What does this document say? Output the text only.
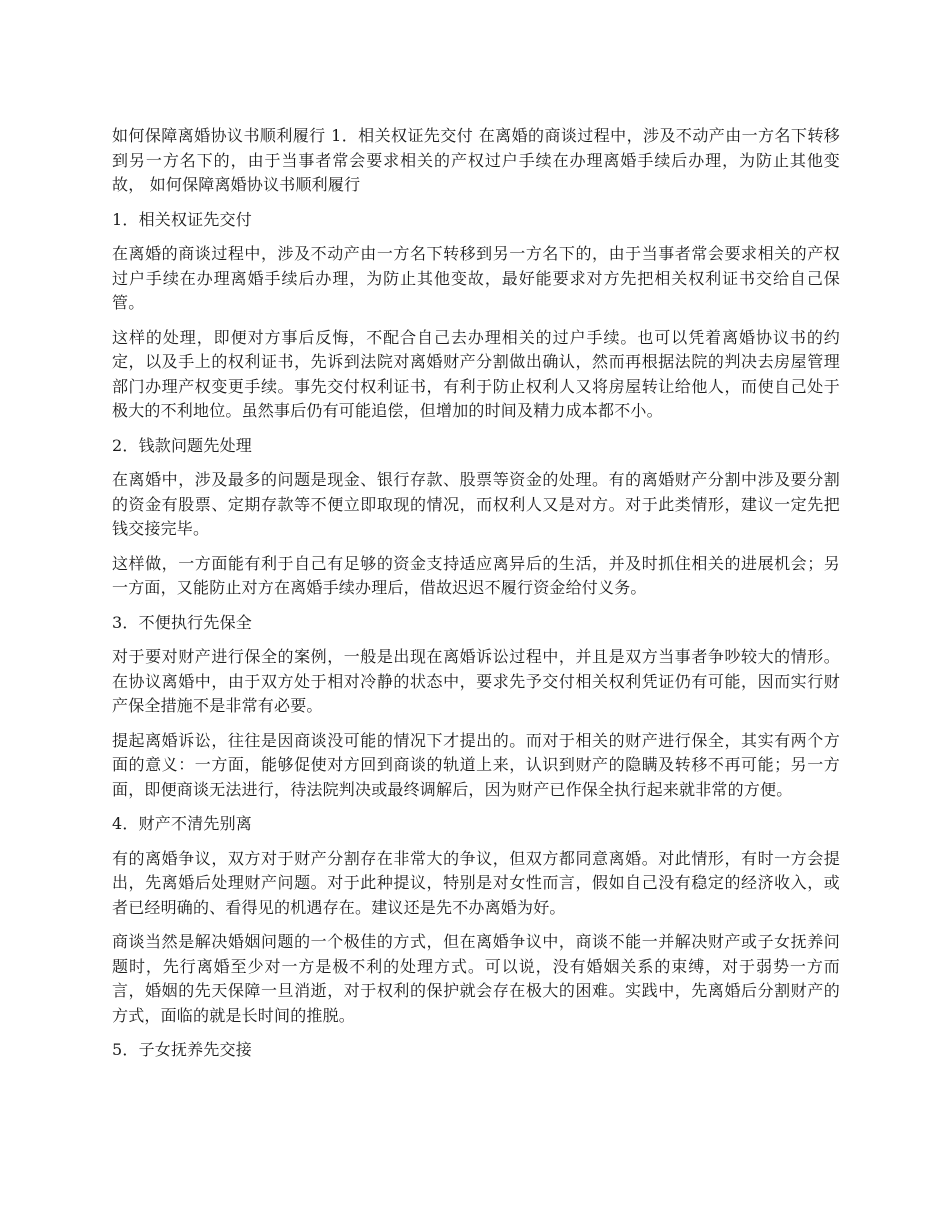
如何保障离婚协议书顺利履行 1．相关权证先交付 在离婚的商谈过程中，涉及不动产由一方名下转移到另一方名下的，由于当事者常会要求相关的产权过户手续在办理离婚手续后办理，为防止其他变故， 如何保障离婚协议书顺利履行

1．相关权证先交付

在离婚的商谈过程中，涉及不动产由一方名下转移到另一方名下的，由于当事者常会要求相关的产权过户手续在办理离婚手续后办理，为防止其他变故，最好能要求对方先把相关权利证书交给自己保管。

这样的处理，即便对方事后反悔，不配合自己去办理相关的过户手续。也可以凭着离婚协议书的约定，以及手上的权利证书，先诉到法院对离婚财产分割做出确认，然而再根据法院的判决去房屋管理部门办理产权变更手续。事先交付权利证书，有利于防止权利人又将房屋转让给他人，而使自己处于极大的不利地位。虽然事后仍有可能追偿，但增加的时间及精力成本都不小。

2．钱款问题先处理

在离婚中，涉及最多的问题是现金、银行存款、股票等资金的处理。有的离婚财产分割中涉及要分割的资金有股票、定期存款等不便立即取现的情况，而权利人又是对方。对于此类情形，建议一定先把钱交接完毕。

这样做，一方面能有利于自己有足够的资金支持适应离异后的生活，并及时抓住相关的进展机会；另一方面，又能防止对方在离婚手续办理后，借故迟迟不履行资金给付义务。

3．不便执行先保全

对于要对财产进行保全的案例，一般是出现在离婚诉讼过程中，并且是双方当事者争吵较大的情形。在协议离婚中，由于双方处于相对冷静的状态中，要求先予交付相关权利凭证仍有可能，因而实行财产保全措施不是非常有必要。

提起离婚诉讼，往往是因商谈没可能的情况下才提出的。而对于相关的财产进行保全，其实有两个方面的意义：一方面，能够促使对方回到商谈的轨道上来，认识到财产的隐瞒及转移不再可能；另一方面，即便商谈无法进行，待法院判决或最终调解后，因为财产已作保全执行起来就非常的方便。

4．财产不清先别离

有的离婚争议，双方对于财产分割存在非常大的争议，但双方都同意离婚。对此情形，有时一方会提出，先离婚后处理财产问题。对于此种提议，特别是对女性而言，假如自己没有稳定的经济收入，或者已经明确的、看得见的机遇存在。建议还是先不办离婚为好。

商谈当然是解决婚姻问题的一个极佳的方式，但在离婚争议中，商谈不能一并解决财产或子女抚养问题时，先行离婚至少对一方是极不利的处理方式。可以说，没有婚姻关系的束缚，对于弱势一方而言，婚姻的先天保障一旦消逝，对于权利的保护就会存在极大的困难。实践中，先离婚后分割财产的方式，面临的就是长时间的推脱。

5．子女抚养先交接
